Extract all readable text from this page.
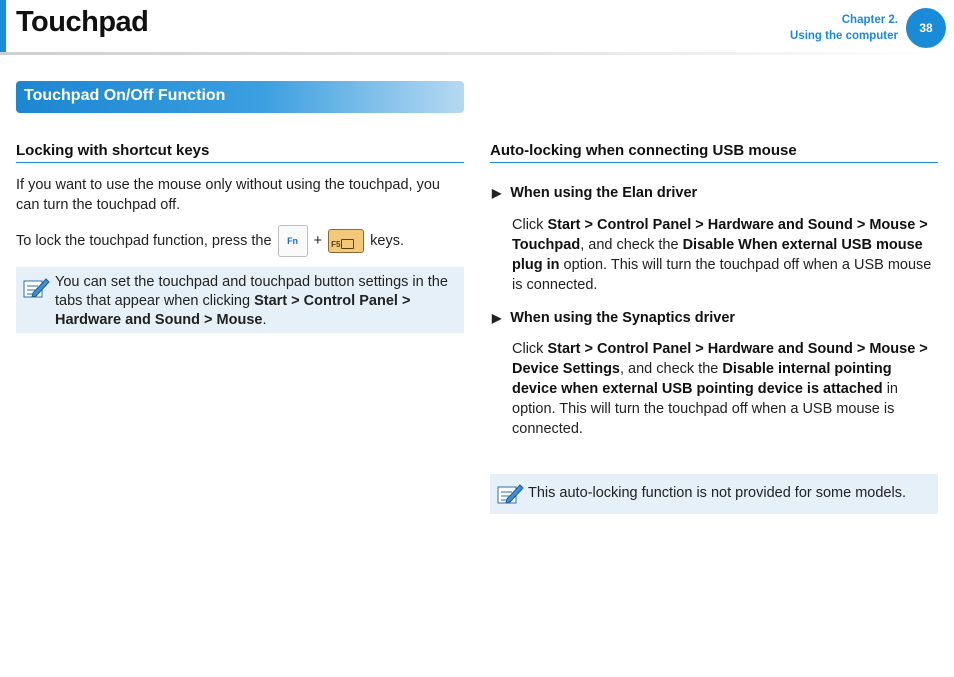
Touchpad	Chapter 2.
Using the computer
38
Touchpad On/Off Function
Locking with shortcut keys
If you want to use the mouse only without using the touchpad, you can turn the touchpad off.
To lock the touchpad function, press the Fn + F5 keys.
You can set the touchpad and touchpad button settings in the tabs that appear when clicking Start > Control Panel > Hardware and Sound > Mouse.
Auto-locking when connecting USB mouse
▶ When using the Elan driver
Click Start > Control Panel > Hardware and Sound > Mouse > Touchpad, and check the Disable When external USB mouse plug in option. This will turn the touchpad off when a USB mouse is connected.
▶ When using the Synaptics driver
Click Start > Control Panel > Hardware and Sound > Mouse > Device Settings, and check the Disable internal pointing device when external USB pointing device is attached in option. This will turn the touchpad off when a USB mouse is connected.
This auto-locking function is not provided for some models.
